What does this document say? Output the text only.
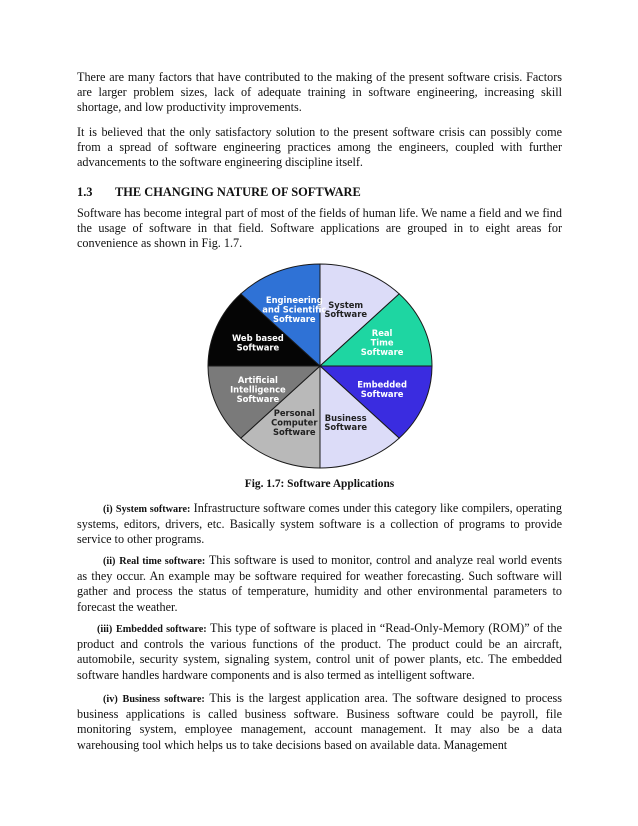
There are many factors that have contributed to the making of the present software crisis. Factors are larger problem sizes, lack of adequate training in software engineering, increasing skill shortage, and low productivity improvements.

It is believed that the only satisfactory solution to the present software crisis can possibly come from a spread of software engineering practices among the engineers, coupled with further advancements to the software engineering discipline itself.

1.3 THE CHANGING NATURE OF SOFTWARE

Software has become integral part of most of the fields of human life. We name a field and we find the usage of software in that field. Software applications are grouped in to eight areas for convenience as shown in Fig. 1.7.

System Software
Real Time Software
Embedded Software
Business Software
Personal Computer Software
Artificial Intelligence Software
Web based Software
Engineering and Scientific Software
Fig. 1.7: Software Applications

(i) System software: Infrastructure software comes under this category like compilers, operating systems, editors, drivers, etc. Basically system software is a collection of programs to provide service to other programs.

(ii) Real time software: This software is used to monitor, control and analyze real world events as they occur. An example may be software required for weather forecasting. Such software will gather and process the status of temperature, humidity and other environmental parameters to forecast the weather.

(iii) Embedded software: This type of software is placed in “Read-Only-Memory (ROM)” of the product and controls the various functions of the product. The product could be an aircraft, automobile, security system, signaling system, control unit of power plants, etc. The embedded software handles hardware components and is also termed as intelligent software.

(iv) Business software: This is the largest application area. The software designed to process business applications is called business software. Business software could be payroll, file monitoring system, employee management, account management. It may also be a data warehousing tool which helps us to take decisions based on available data. Management
